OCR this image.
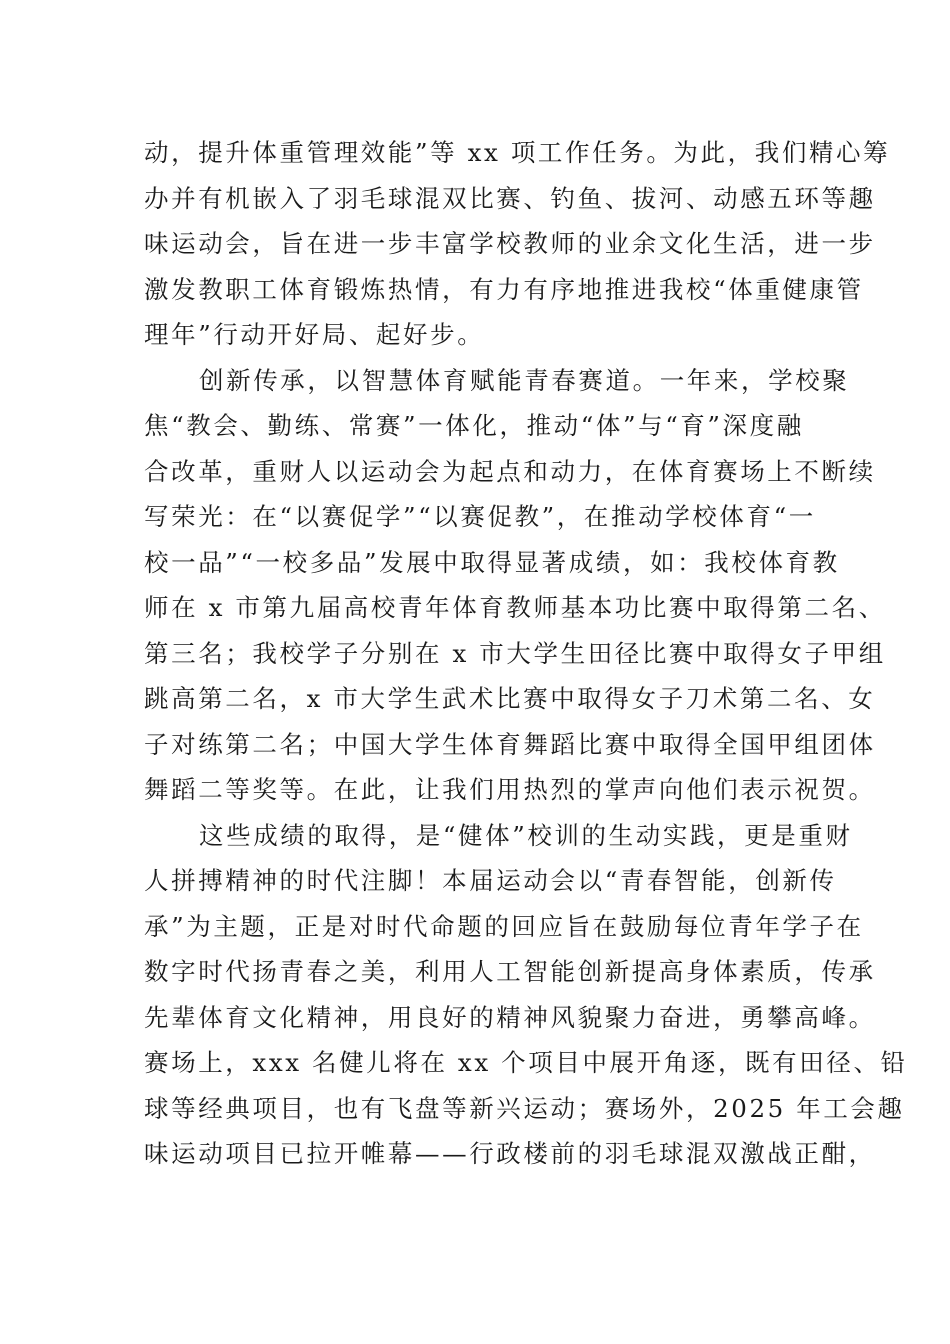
动，提升体重管理效能”等 xx 项工作任务。为此，我们精心筹
办并有机嵌入了羽毛球混双比赛、钓鱼、拔河、动感五环等趣
味运动会，旨在进一步丰富学校教师的业余文化生活，进一步
激发教职工体育锻炼热情，有力有序地推进我校“体重健康管
理年”行动开好局、起好步。
创新传承，以智慧体育赋能青春赛道。一年来，学校聚
焦“教会、勤练、常赛”一体化，推动“体”与“育”深度融
合改革，重财人以运动会为起点和动力，在体育赛场上不断续
写荣光：在“以赛促学”“以赛促教”，在推动学校体育“一
校一品”“一校多品”发展中取得显著成绩，如：我校体育教
师在 x 市第九届高校青年体育教师基本功比赛中取得第二名、
第三名；我校学子分别在 x 市大学生田径比赛中取得女子甲组
跳高第二名，x 市大学生武术比赛中取得女子刀术第二名、女
子对练第二名；中国大学生体育舞蹈比赛中取得全国甲组团体
舞蹈二等奖等。在此，让我们用热烈的掌声向他们表示祝贺。
这些成绩的取得，是“健体”校训的生动实践，更是重财
人拼搏精神的时代注脚！本届运动会以“青春智能，创新传
承”为主题，正是对时代命题的回应旨在鼓励每位青年学子在
数字时代扬青春之美，利用人工智能创新提高身体素质，传承
先辈体育文化精神，用良好的精神风貌聚力奋进，勇攀高峰。
赛场上，xxx 名健儿将在 xx 个项目中展开角逐，既有田径、铅
球等经典项目，也有飞盘等新兴运动；赛场外，2025 年工会趣
味运动项目已拉开帷幕——行政楼前的羽毛球混双激战正酣，
